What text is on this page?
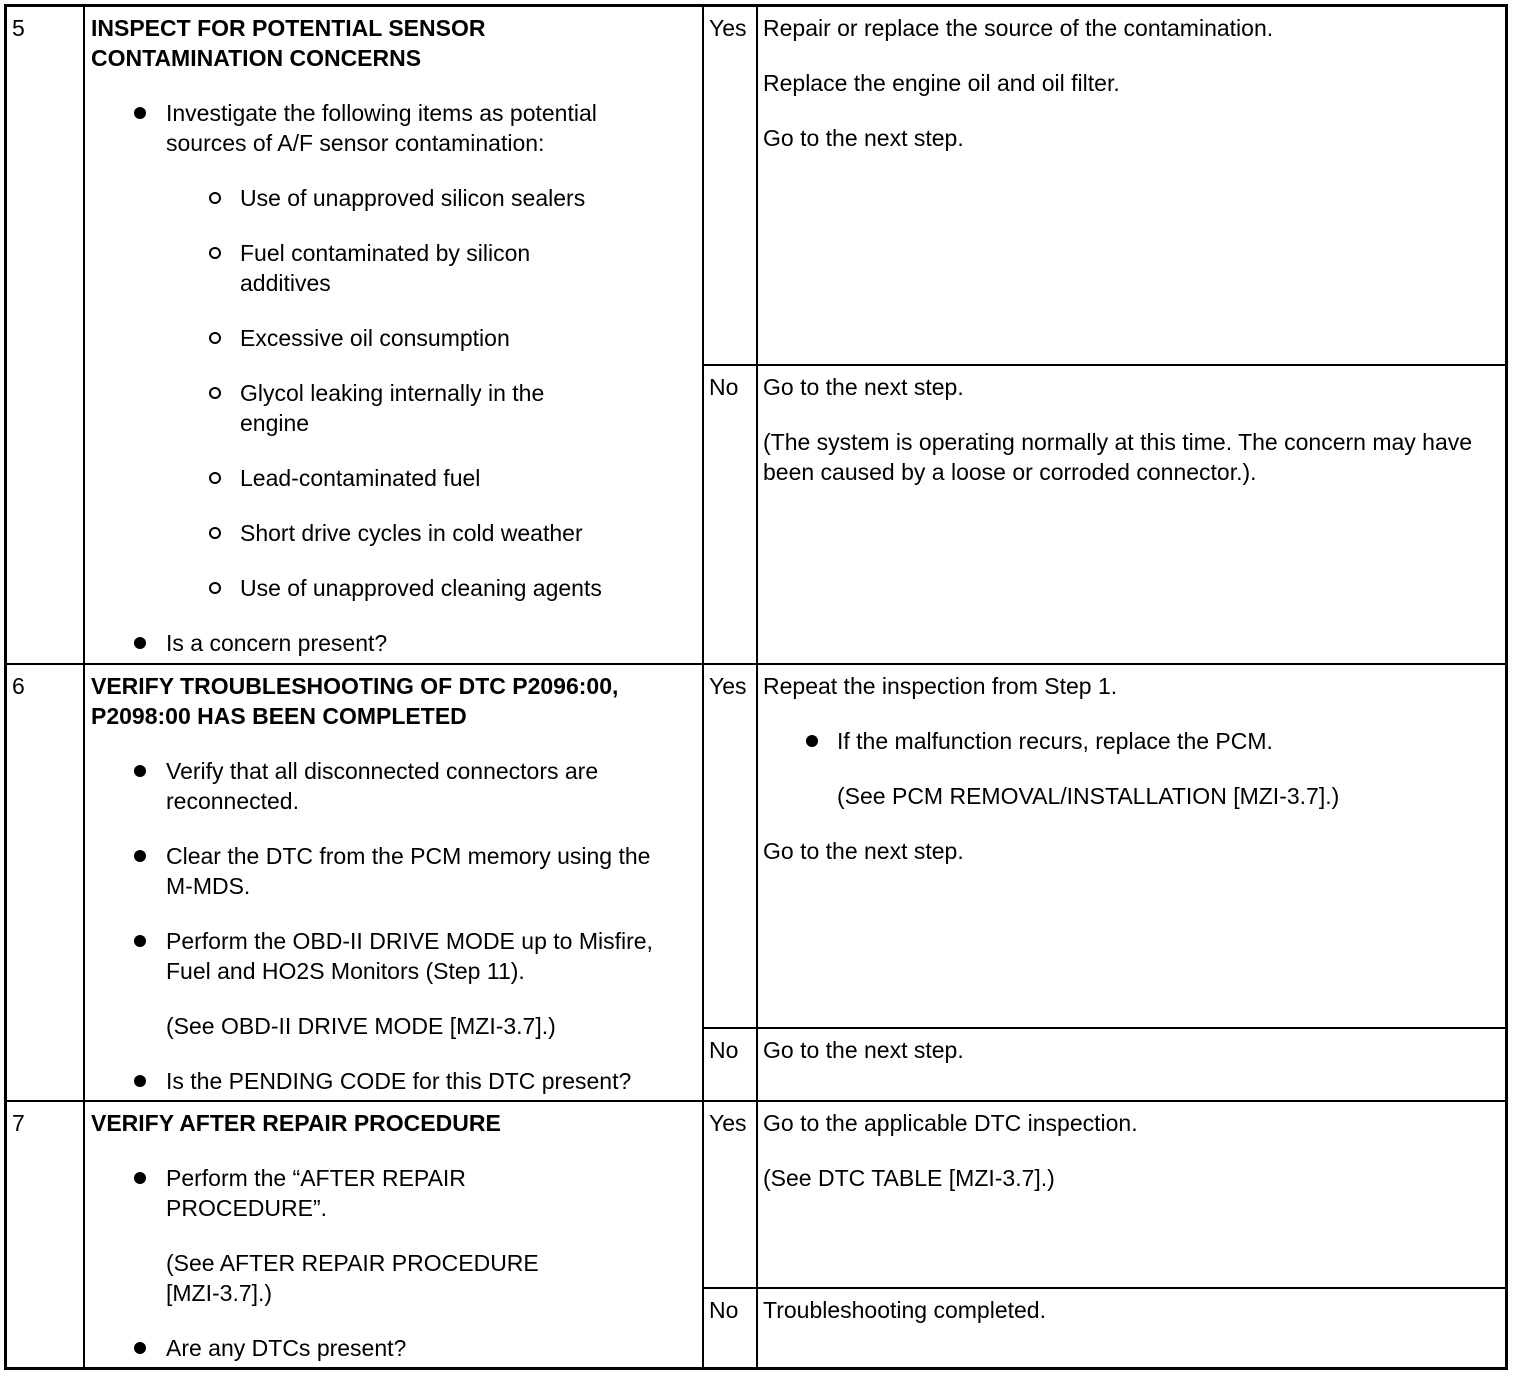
5	INSPECT FOR POTENTIAL SENSOR CONTAMINATION CONCERNS

Investigate the following items as potential sources of A/F sensor contamination:
Use of unapproved silicon sealers
Fuel contaminated by silicon additives
Excessive oil consumption
Glycol leaking internally in the engine
Lead-contaminated fuel
Short drive cycles in cold weather
Use of unapproved cleaning agents
Is a concern present?
Yes Repair or replace the source of the contamination.

Replace the engine oil and oil filter.

Go to the next step.

No Go to the next step.

(The system is operating normally at this time. The concern may have been caused by a loose or corroded connector.).

6	VERIFY TROUBLESHOOTING OF DTC P2096:00, P2098:00 HAS BEEN COMPLETED

Verify that all disconnected connectors are reconnected.
Clear the DTC from the PCM memory using the M-MDS.
Perform the OBD-II DRIVE MODE up to Misfire, Fuel and HO2S Monitors (Step 11).
(See OBD-II DRIVE MODE [MZI-3.7].)
Is the PENDING CODE for this DTC present?
Yes Repeat the inspection from Step 1.

If the malfunction recurs, replace the PCM.

(See PCM REMOVAL/INSTALLATION [MZI-3.7].)

Go to the next step.

No Go to the next step.

7	VERIFY AFTER REPAIR PROCEDURE

Perform the “AFTER REPAIR PROCEDURE”.
(See AFTER REPAIR PROCEDURE [MZI-3.7].)
Are any DTCs present?
Yes Go to the applicable DTC inspection.

(See DTC TABLE [MZI-3.7].)

No Troubleshooting completed.
